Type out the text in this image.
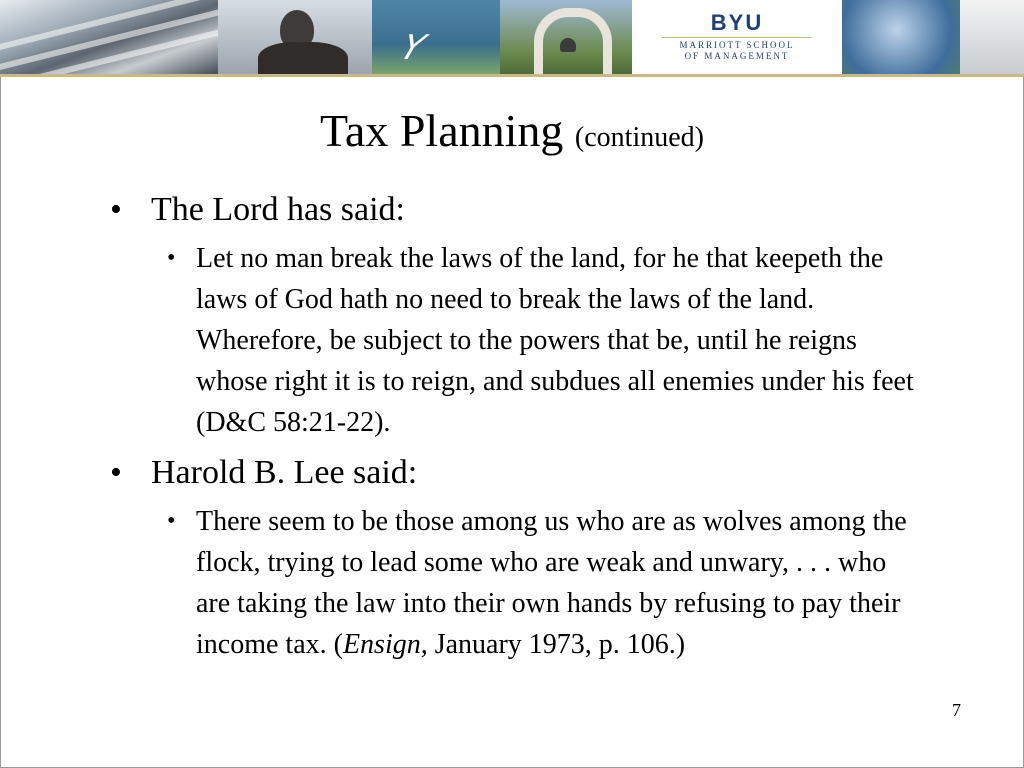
Y
BYU
MARRIOTT SCHOOL
OF MANAGEMENT
Tax Planning (continued)
• The Lord has said:
• Let no man break the laws of the land, for he that keepeth the laws of God hath no need to break the laws of the land. Wherefore, be subject to the powers that be, until he reigns whose right it is to reign, and subdues all enemies under his feet (D&C 58:21-22).
• Harold B. Lee said:
• There seem to be those among us who are as wolves among the flock, trying to lead some who are weak and unwary, . . . who are taking the law into their own hands by refusing to pay their income tax. (Ensign, January 1973, p. 106.)
7
